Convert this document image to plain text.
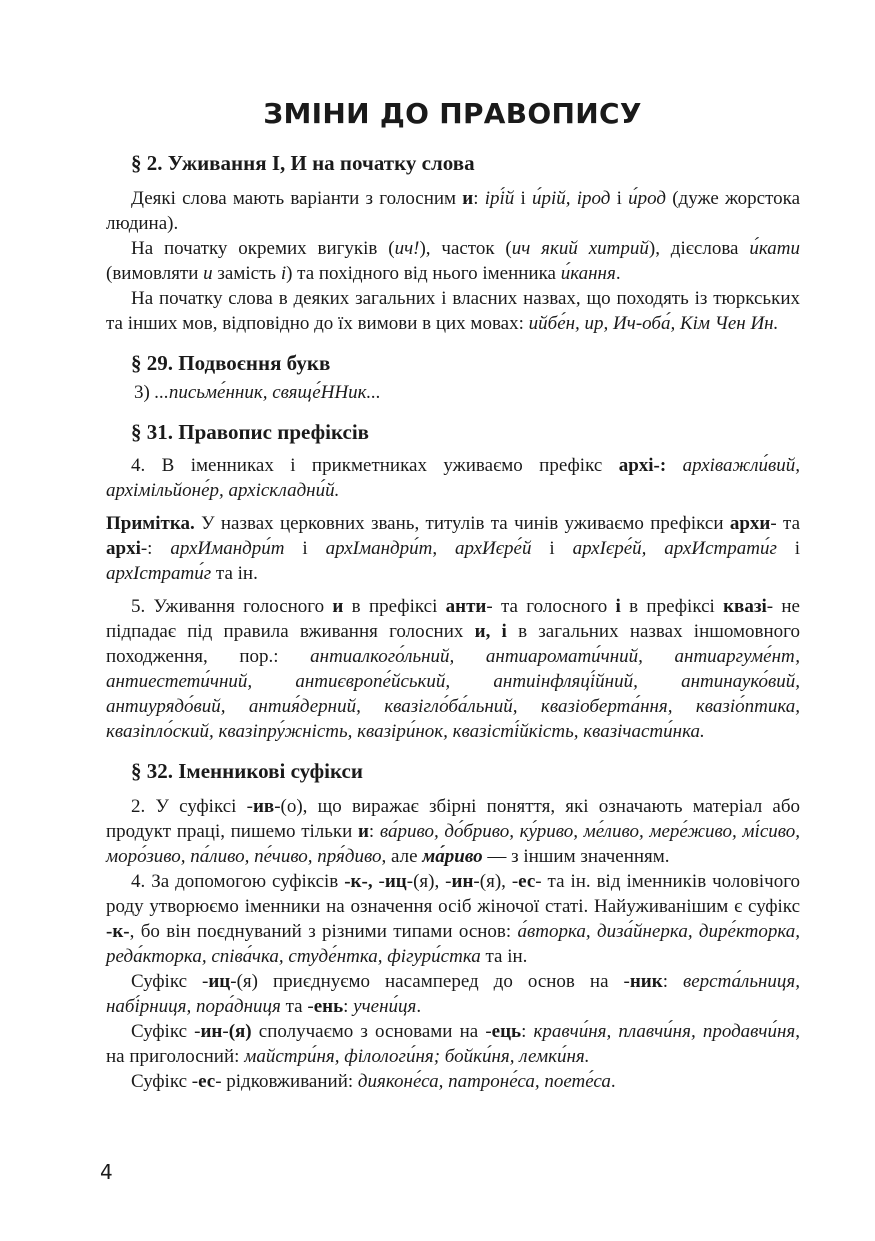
ЗМІНИ ДО ПРАВОПИСУ
§ 2. Уживання І, И на початку слова

Деякі слова мають варіанти з голосним и: ірі́й і и́рій, ірод і и́род (дуже жорстока людина).

На початку окремих вигуків (ич!), часток (ич який хитрий), дієслова и́кати (вимовляти и замість і) та похідного від нього іменника и́кання.

На початку слова в деяких загальних і власних назвах, що походять із тюркських та інших мов, відповідно до їх вимови в цих мовах: ийбе́н, ир, Ич-оба́, Кім Чен Ин.

§ 29. Подвоєння букв

3) ...письме́нник, свяще́ННик...

§ 31. Правопис префіксів

4. В іменниках і прикметниках уживаємо префікс архі-: архіважли́вий, архімільйоне́р, архіскладни́й.

Примітка. У назвах церковних звань, титулів та чинів уживаємо префікси архи- та архі-: архИмандри́т і архІмандри́т, архИєре́й і архІєре́й, архИстрати́г і архІстрати́г та ін.

5. Уживання голосного и в префіксі анти- та голосного і в префіксі квазі- не підпадає під правила вживання голосних и, і в загальних назвах іншомовного походження, пор.: антиалкого́льний, антиаромати́чний, антиаргуме́нт, антиестети́чний, антиєвропе́йський, антиінфляці́йний, антинауко́вий, антиурядо́вий, антия́дерний, квазігло́ба́льний, квазіоберта́ння, квазіо́птика, квазіпло́ский, квазіпру́жність, квазіри́нок, квазісті́йкість, квазічасти́нка.

§ 32. Іменникові суфікси

2. У суфіксі -ив-(о), що виражає збірні поняття, які означають матеріал або продукт праці, пишемо тільки и: ва́риво, до́бриво, ку́риво, ме́ливо, мере́живо, мі́сиво, моро́зиво, па́ливо, пе́чиво, пря́диво, але ма́риво — з іншим значенням.

4. За допомогою суфіксів -к-, -иц-(я), -ин-(я), -ес- та ін. від іменників чоловічого роду утворюємо іменники на означення осіб жіночої статі. Найуживанішим є суфікс -к-, бо він поєднуваний з різними типами основ: а́вторка, диза́йнерка, дире́кторка, реда́кторка, співа́чка, студе́нтка, фігури́стка та ін.

Суфікс -иц-(я) приєднуємо насамперед до основ на -ник: верста́льниця, набі́рниця, пора́дниця та -ень: учени́ця.

Суфікс -ин-(я) сполучаємо з основами на -ець: кравчи́ня, плавчи́ня, продавчи́ня, на приголосний: майстри́ня, філологи́ня; бойки́ня, лемки́ня.

Суфікс -ес- рідковживаний: дияконе́са, патроне́са, поете́са.

4
